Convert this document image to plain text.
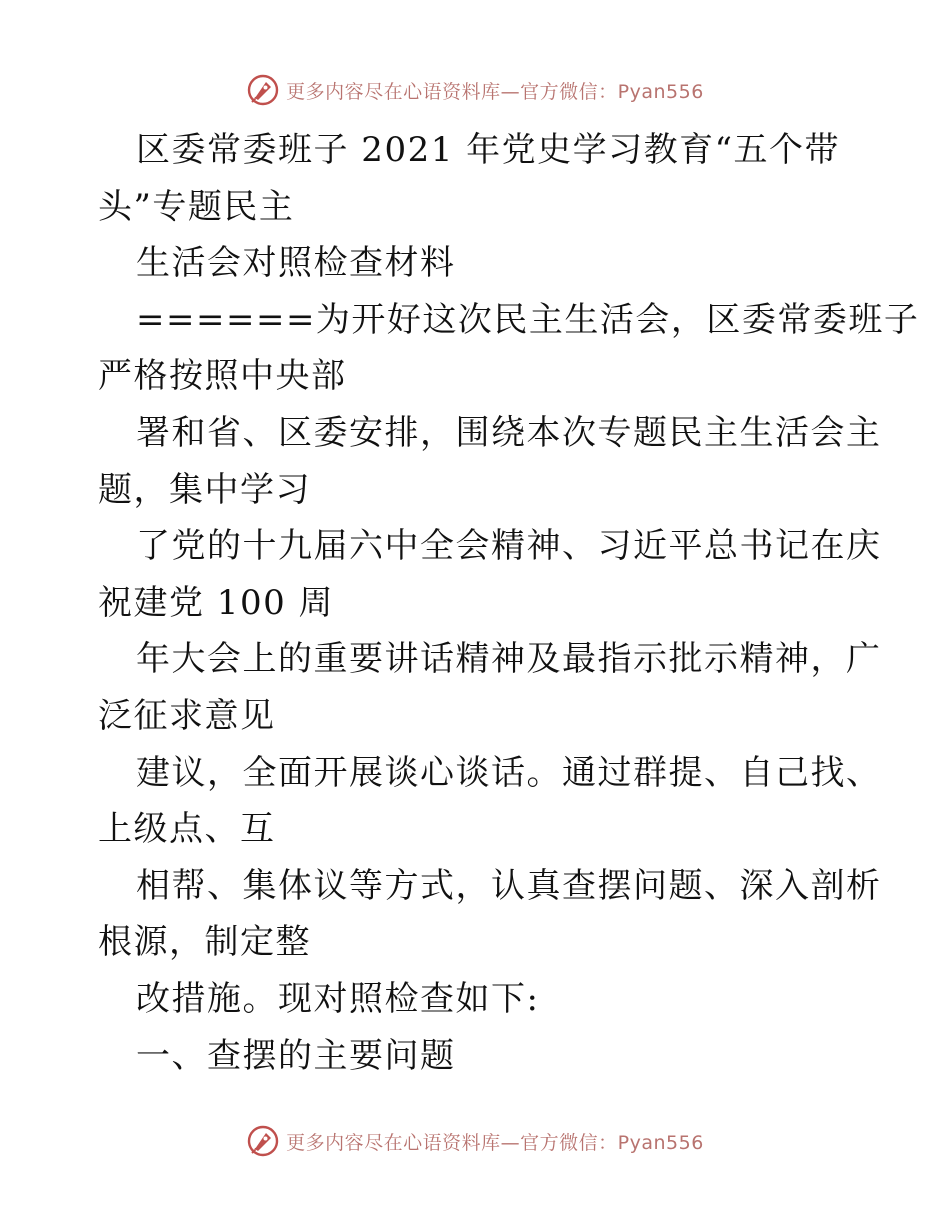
更多内容尽在心语资料库—官方微信：Pyan556
区委常委班子 2021 年党史学习教育“五个带
头”专题民主
生活会对照检查材料
======为开好这次民主生活会，区委常委班子
严格按照中央部
署和省、区委安排，围绕本次专题民主生活会主
题，集中学习
了党的十九届六中全会精神、习近平总书记在庆
祝建党 100 周
年大会上的重要讲话精神及最指示批示精神，广
泛征求意见
建议，全面开展谈心谈话。通过群提、自己找、
上级点、互
相帮、集体议等方式，认真查摆问题、深入剖析
根源，制定整
改措施。现对照检查如下:
一、查摆的主要问题
更多内容尽在心语资料库—官方微信：Pyan556
